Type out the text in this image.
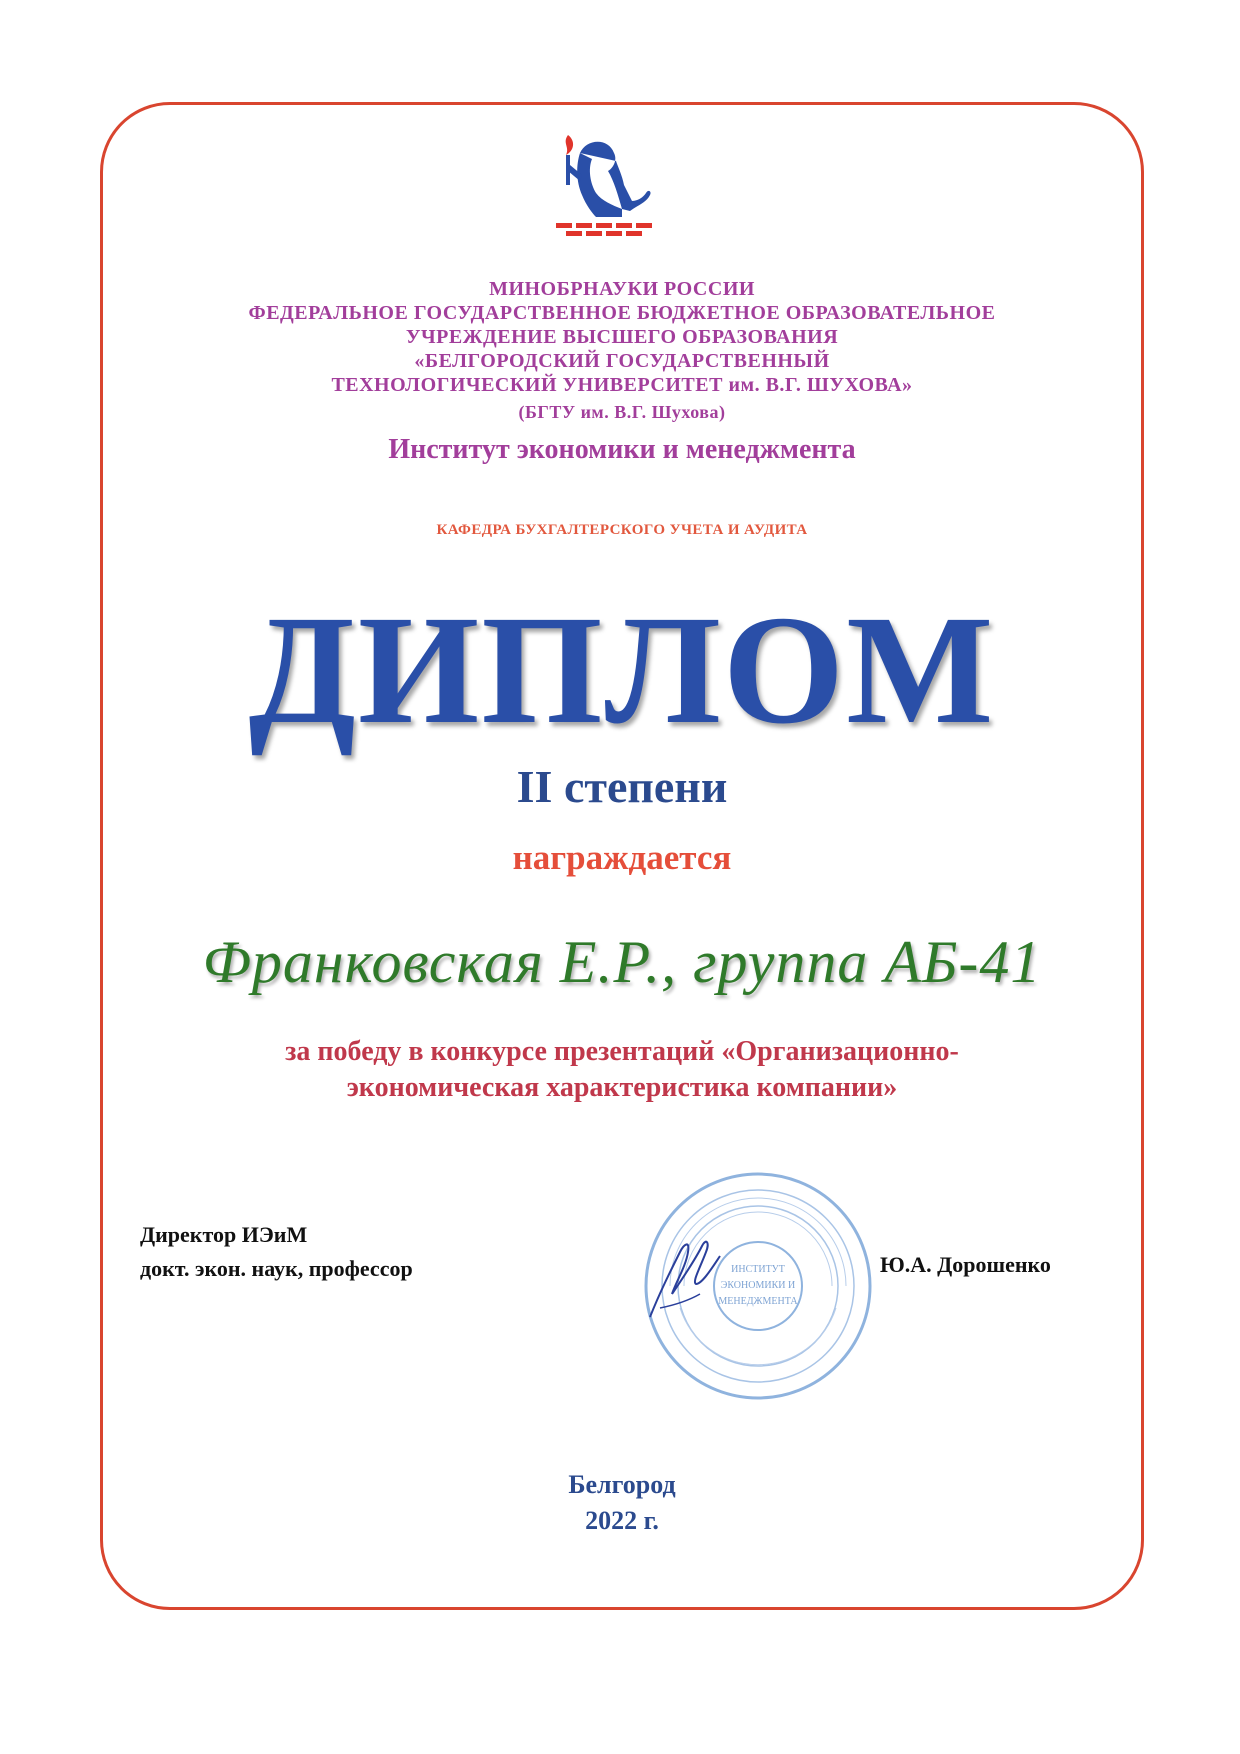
МИНОБРНАУКИ РОССИИ
ФЕДЕРАЛЬНОЕ ГОСУДАРСТВЕННОЕ БЮДЖЕТНОЕ ОБРАЗОВАТЕЛЬНОЕ
УЧРЕЖДЕНИЕ ВЫСШЕГО ОБРАЗОВАНИЯ
«БЕЛГОРОДСКИЙ ГОСУДАРСТВЕННЫЙ
ТЕХНОЛОГИЧЕСКИЙ УНИВЕРСИТЕТ им. В.Г. ШУХОВА»
(БГТУ им. В.Г. Шухова)
Институт экономики и менеджмента
КАФЕДРА БУХГАЛТЕРСКОГО УЧЕТА И АУДИТА
ДИПЛОМ
II степени
награждается
Франковская Е.Р., группа АБ-41
за победу в конкурсе презентаций «Организационно-
экономическая характеристика компании»
Директор ИЭиМ
докт. экон. наук, профессор	ИНСТИТУТ ЭКОНОМИКИ И МЕНЕДЖМЕНТА
Ю.А. Дорошенко
Белгород
2022 г.
